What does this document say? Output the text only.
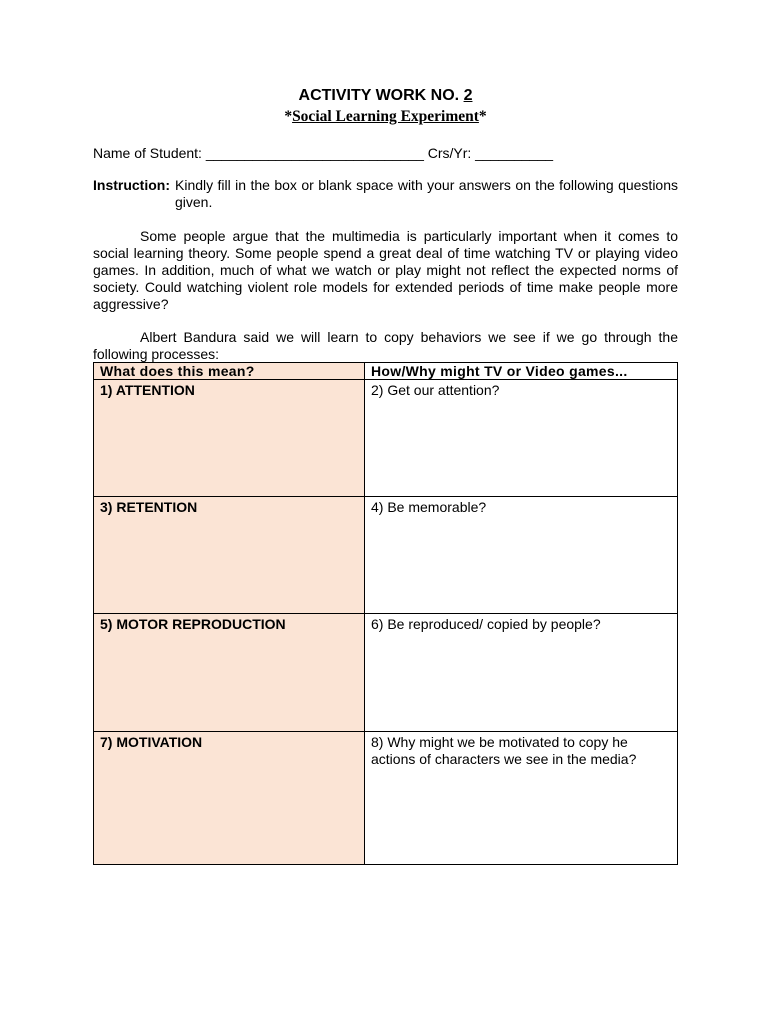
ACTIVITY WORK NO. 2
*Social Learning Experiment*
Name of Student: ____________________________ Crs/Yr: __________
Instruction: Kindly fill in the box or blank space with your answers on the following questions given.

Some people argue that the multimedia is particularly important when it comes to social learning theory. Some people spend a great deal of time watching TV or playing video games. In addition, much of what we watch or play might not reflect the expected norms of society. Could watching violent role models for extended periods of time make people more aggressive?

Albert Bandura said we will learn to copy behaviors we see if we go through the following processes:

What does this mean?	How/Why might TV or Video games...

1) ATTENTION	2) Get our attention?

3) RETENTION	4) Be memorable?

5) MOTOR REPRODUCTION	6) Be reproduced/ copied by people?

7) MOTIVATION	8) Why might we be motivated to copy he actions of characters we see in the media?
